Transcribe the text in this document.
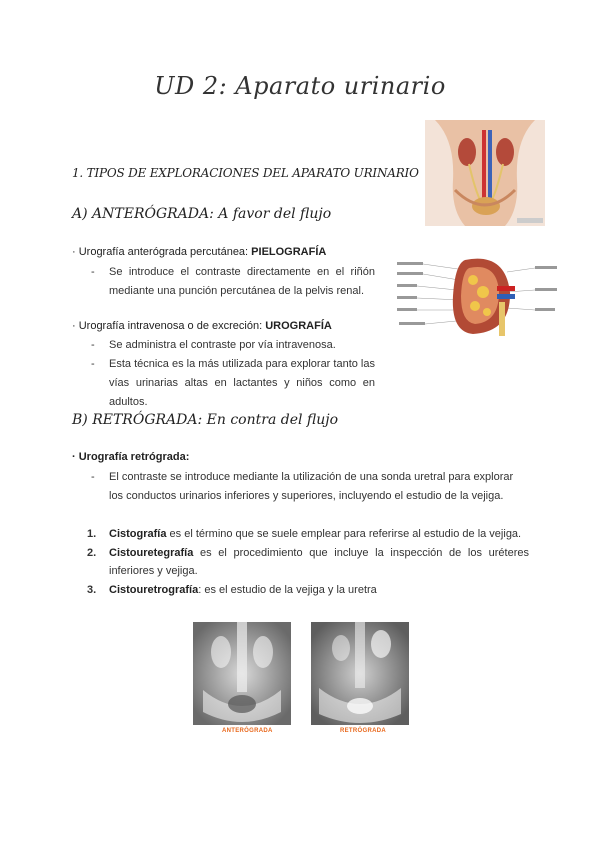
UD 2: Aparato urinario
1. TIPOS DE EXPLORACIONES DEL APARATO URINARIO
A) ANTERÓGRADA: A favor del flujo
· Urografía anterógrada percutánea: PIELOGRAFÍA
- Se introduce el contraste directamente en el riñón mediante una punción percutánea de la pelvis renal.
· Urografía intravenosa o de excreción: UROGRAFÍA
- Se administra el contraste por vía intravenosa.
- Esta técnica es la más utilizada para explorar tanto las vías urinarias altas en lactantes y niños como en adultos.
B) RETRÓGRADA: En contra del flujo
· Urografía retrógrada:
- El contraste se introduce mediante la utilización de una sonda uretral para explorar los conductos urinarios inferiores y superiores, incluyendo el estudio de la vejiga.
1. Cistografía es el término que se suele emplear para referirse al estudio de la vejiga.
2. Cistouretegrafía es el procedimiento que incluye la inspección de los uréteres inferiores y vejiga.
3. Cistouretrografía: es el estudio de la vejiga y la uretra
ANTERÓGRADA	RETRÓGRADA
